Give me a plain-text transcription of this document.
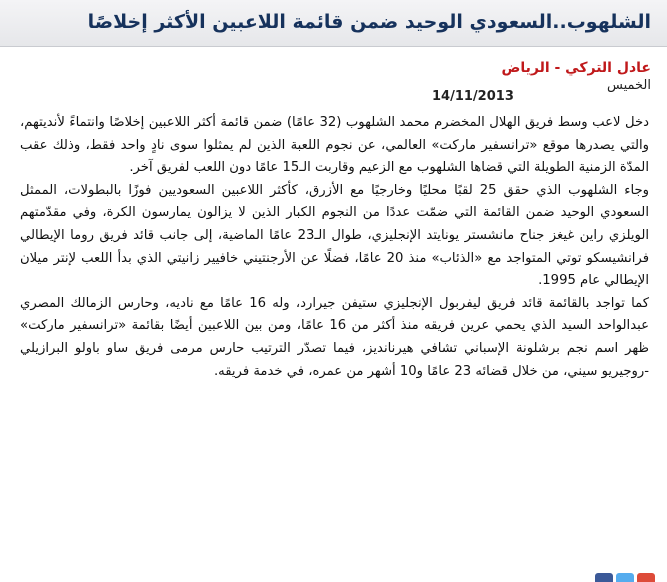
الشلهوب..السعودي الوحيد ضمن قائمة اللاعبين الأكثر إخلاصًا
عادل التركي - الرياض
الخميس
14/11/2013

دخل لاعب وسط فريق الهلال المخضرم محمد الشلهوب (32 عامًا) ضمن قائمة أكثر اللاعبين إخلاصًا وانتماءً لأنديتهم، والتي يصدرها موقع «ترانسفير ماركت» العالمي، عن نجوم اللعبة الذين لم يمثلوا سوى نادٍ واحد فقط، وذلك عقب المدّة الزمنية الطويلة التي قضاها الشلهوب مع الزعيم وقاربت الـ15 عامًا دون اللعب لفريق آخر.

وجاء الشلهوب الذي حقق 25 لقبًا محليًا وخارجيًا مع الأزرق، كأكثر اللاعبين السعوديين فوزًا بالبطولات، الممثل السعودي الوحيد ضمن القائمة التي ضمّت عددًا من النجوم الكبار الذين لا يزالون يمارسون الكرة، وفي مقدّمتهم الويلزي راين غيغز جناح مانشستر يونايتد الإنجليزي، طوال الـ23 عامًا الماضية، إلى جانب قائد فريق روما الإيطالي فرانشيسكو توتي المتواجد مع «الذئاب» منذ 20 عامًا، فضلًا عن الأرجنتيني خافيير زانيتي الذي بدأ اللعب لإنتر ميلان الإيطالي عام 1995.

كما تواجد بالقائمة قائد فريق ليفربول الإنجليزي ستيفن جيرارد، وله 16 عامًا مع ناديه، وحارس الزمالك المصري عبدالواحد السيد الذي يحمي عرين فريقه منذ أكثر من 16 عامًا، ومن بين اللاعبين أيضًا بقائمة «ترانسفير ماركت» ظهر اسم نجم برشلونة الإسباني تشافي هيرنانديز، فيما تصدّر الترتيب حارس مرمى فريق ساو باولو البرازيلي -روجيريو سيني، من خلال قضائه 23 عامًا و10 أشهر من عمره، في خدمة فريقه.
